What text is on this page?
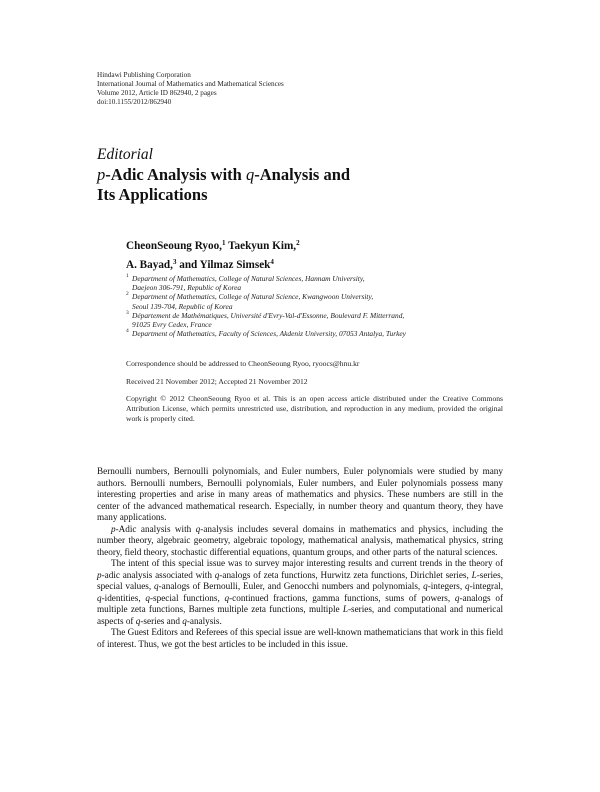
Hindawi Publishing Corporation
International Journal of Mathematics and Mathematical Sciences
Volume 2012, Article ID 862940, 2 pages
doi:10.1155/2012/862940
Editorial
p-Adic Analysis with q-Analysis and
Its Applications
CheonSeoung Ryoo,$^1$ Taekyun Kim,$^2$
A. Bayad,$^3$ and Yilmaz Simsek$^4$
1 Department of Mathematics, College of Natural Sciences, Hannam University,
Daejeon 306-791, Republic of Korea
2 Department of Mathematics, College of Natural Science, Kwangwoon University,
Seoul 139-704, Republic of Korea
3 Département de Mathématiques, Université d'Evry-Val-d'Essonne, Boulevard F. Mitterrand,
91025 Evry Cedex, France
4 Department of Mathematics, Faculty of Sciences, Akdeniz University, 07053 Antalya, Turkey
Correspondence should be addressed to CheonSeoung Ryoo, ryoocs@hnu.kr
Received 21 November 2012; Accepted 21 November 2012
Copyright © 2012 CheonSeoung Ryoo et al. This is an open access article distributed under the Creative Commons Attribution License, which permits unrestricted use, distribution, and reproduction in any medium, provided the original work is properly cited.

Bernoulli numbers, Bernoulli polynomials, and Euler numbers, Euler polynomials were studied by many authors. Bernoulli numbers, Bernoulli polynomials, Euler numbers, and Euler polynomials possess many interesting properties and arise in many areas of mathematics and physics. These numbers are still in the center of the advanced mathematical research. Especially, in number theory and quantum theory, they have many applications.

p-Adic analysis with q-analysis includes several domains in mathematics and physics, including the number theory, algebraic geometry, algebraic topology, mathematical analysis, mathematical physics, string theory, field theory, stochastic differential equations, quantum groups, and other parts of the natural sciences.

The intent of this special issue was to survey major interesting results and current trends in the theory of p-adic analysis associated with q-analogs of zeta functions, Hurwitz zeta functions, Dirichlet series, L-series, special values, q-analogs of Bernoulli, Euler, and Genocchi numbers and polynomials, q-integers, q-integral, q-identities, q-special functions, q-continued fractions, gamma functions, sums of powers, q-analogs of multiple zeta functions, Barnes multiple zeta functions, multiple L-series, and computational and numerical aspects of q-series and q-analysis.

The Guest Editors and Referees of this special issue are well-known mathematicians that work in this field of interest. Thus, we got the best articles to be included in this issue.
